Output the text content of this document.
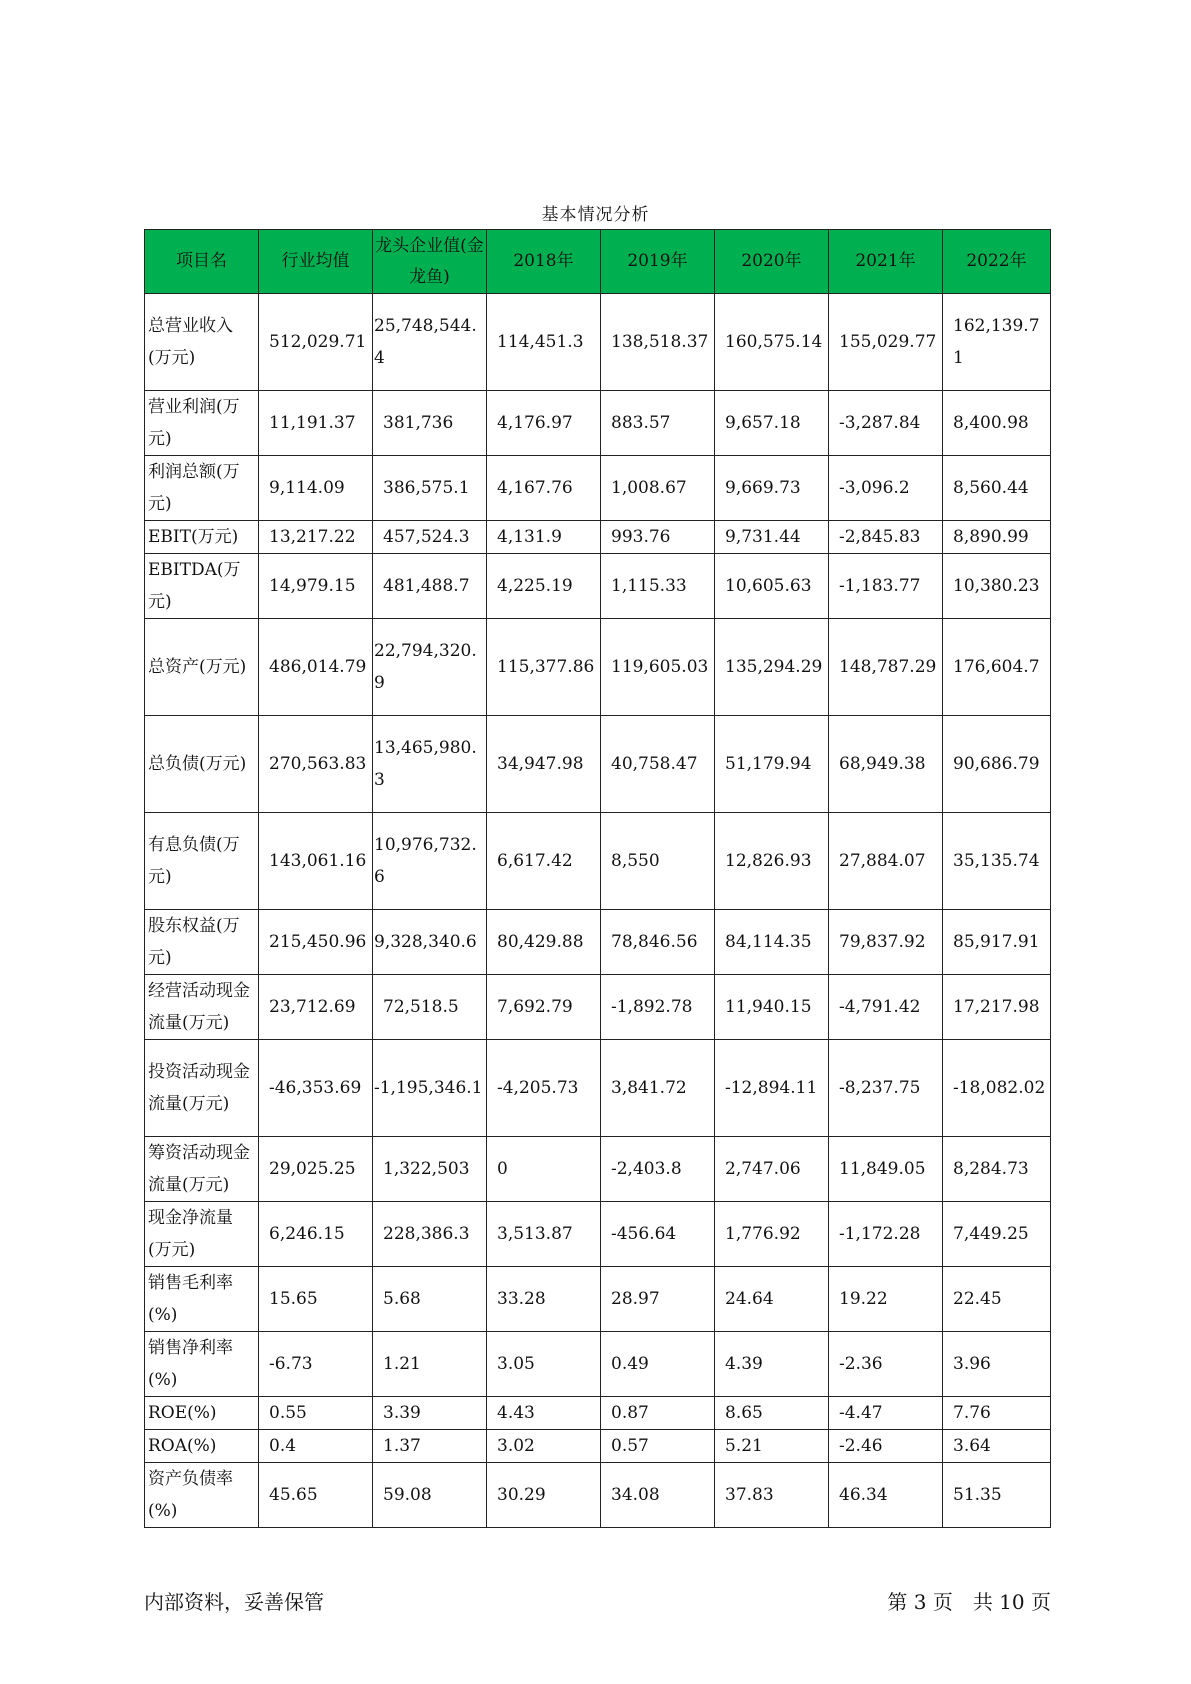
基本情况分析
项目名	行业均值	龙头企业值(金龙鱼)	2018年	2019年	2020年	2021年	2022年
总营业收入(万元)	512,029.71	25,748,544.4	114,451.3	138,518.37	160,575.14	155,029.77	162,139.71
营业利润(万元)	11,191.37	381,736	4,176.97	883.57	9,657.18	-3,287.84	8,400.98
利润总额(万元)	9,114.09	386,575.1	4,167.76	1,008.67	9,669.73	-3,096.2	8,560.44
EBIT(万元)	13,217.22	457,524.3	4,131.9	993.76	9,731.44	-2,845.83	8,890.99
EBITDA(万元)	14,979.15	481,488.7	4,225.19	1,115.33	10,605.63	-1,183.77	10,380.23
总资产(万元)	486,014.79	22,794,320.9	115,377.86	119,605.03	135,294.29	148,787.29	176,604.7
总负债(万元)	270,563.83	13,465,980.3	34,947.98	40,758.47	51,179.94	68,949.38	90,686.79
有息负债(万元)	143,061.16	10,976,732.6	6,617.42	8,550	12,826.93	27,884.07	35,135.74
股东权益(万元)	215,450.96	9,328,340.6	80,429.88	78,846.56	84,114.35	79,837.92	85,917.91
经营活动现金流量(万元)	23,712.69	72,518.5	7,692.79	-1,892.78	11,940.15	-4,791.42	17,217.98
投资活动现金流量(万元)	-46,353.69	-1,195,346.1	-4,205.73	3,841.72	-12,894.11	-8,237.75	-18,082.02
筹资活动现金流量(万元)	29,025.25	1,322,503	0	-2,403.8	2,747.06	11,849.05	8,284.73
现金净流量(万元)	6,246.15	228,386.3	3,513.87	-456.64	1,776.92	-1,172.28	7,449.25
销售毛利率(%)	15.65	5.68	33.28	28.97	24.64	19.22	22.45
销售净利率(%)	-6.73	1.21	3.05	0.49	4.39	-2.36	3.96
ROE(%)	0.55	3.39	4.43	0.87	8.65	-4.47	7.76
ROA(%)	0.4	1.37	3.02	0.57	5.21	-2.46	3.64
资产负债率(%)	45.65	59.08	30.29	34.08	37.83	46.34	51.35
内部资料，妥善保管	第 3 页　共 10 页
